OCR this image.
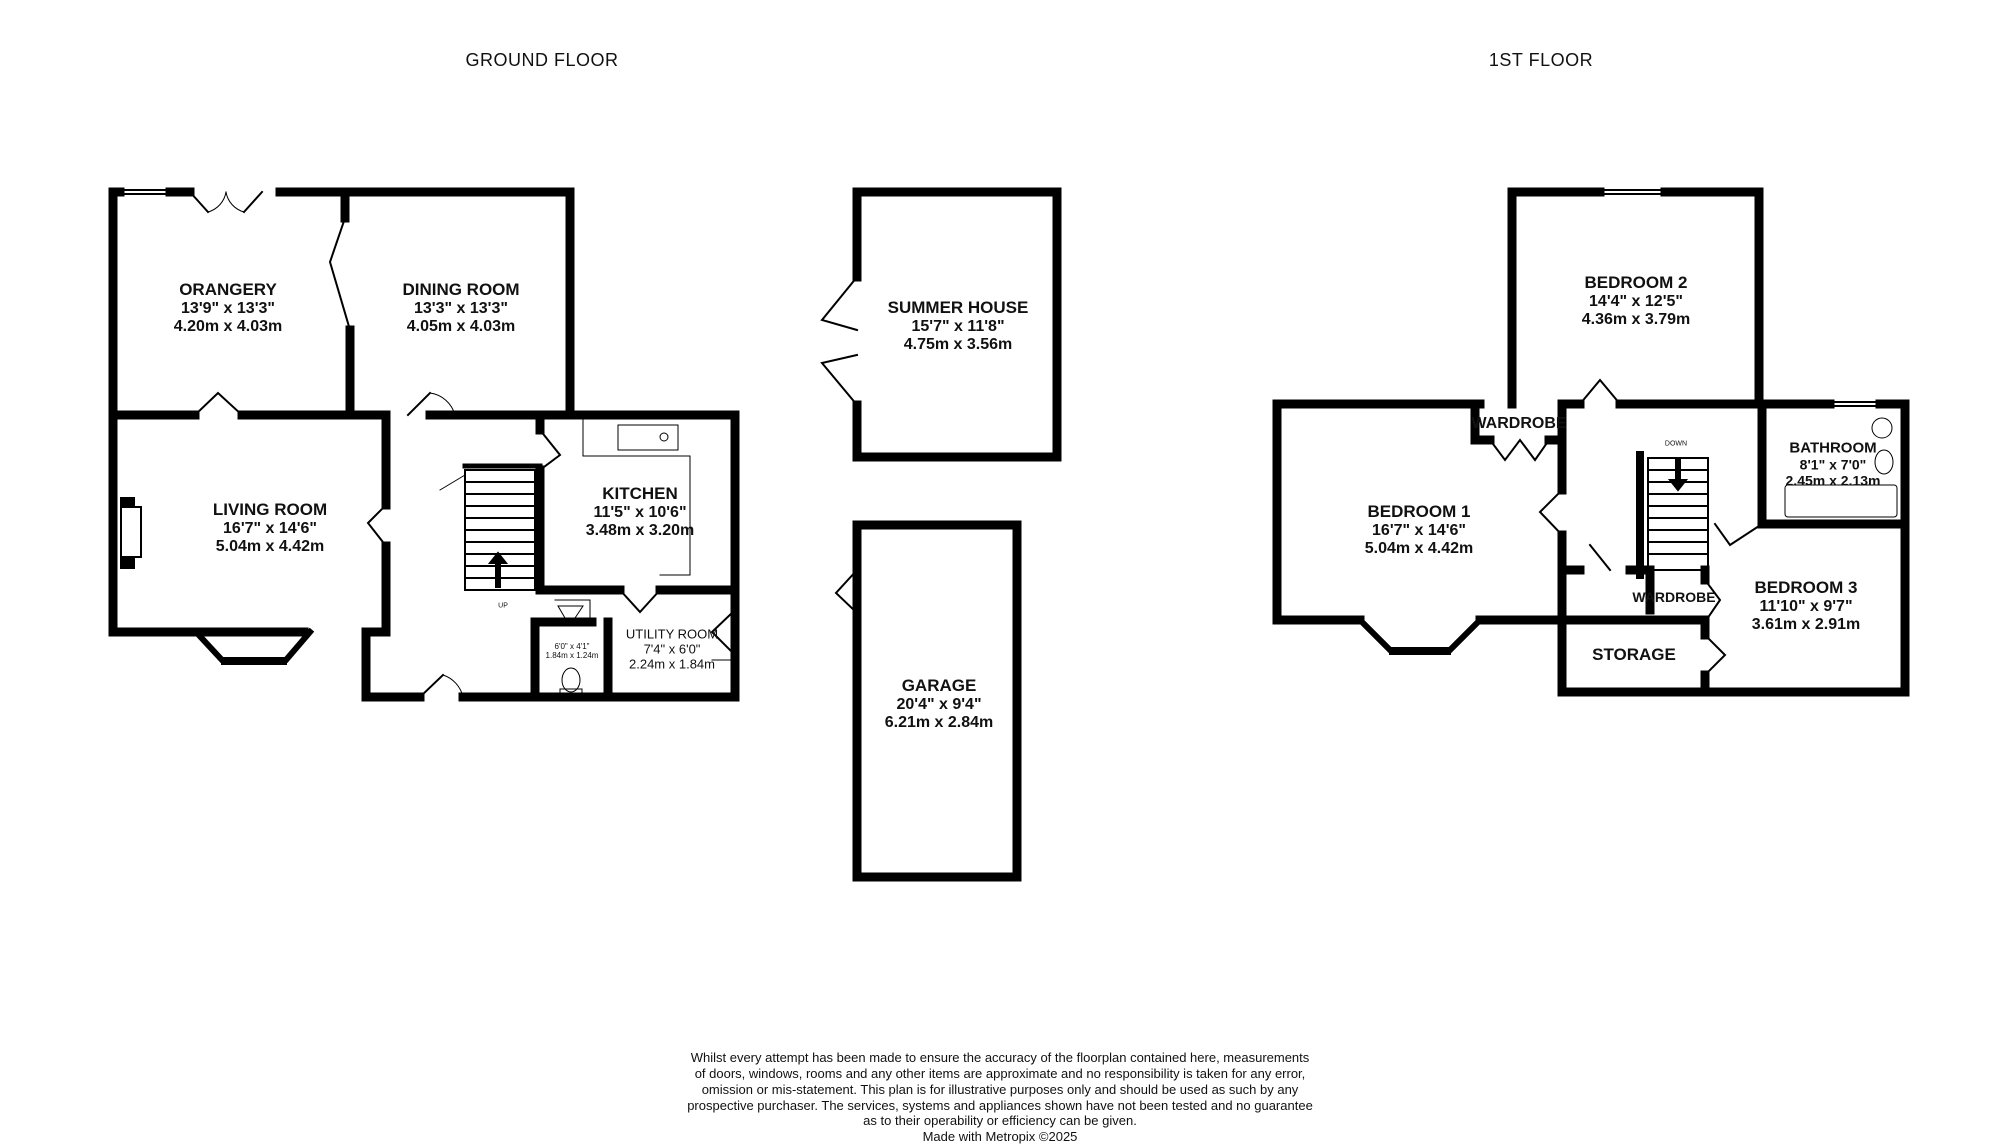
GROUND FLOOR	1ST FLOOR
ORANGERY
13'9" x 13'3"
4.20m x 4.03m
DINING ROOM
13'3" x 13'3"
4.05m x 4.03m
LIVING ROOM
16'7" x 14'6"
5.04m x 4.42m
KITCHEN
11'5" x 10'6"
3.48m x 3.20m
UTILITY ROOM
7'4" x 6'0"
2.24m x 1.84m
6'0" x 4'1"
1.84m x 1.24m
UP
SUMMER HOUSE
15'7" x 11'8"
4.75m x 3.56m
GARAGE
20'4" x 9'4"
6.21m x 2.84m
BEDROOM 2
14'4" x 12'5"
4.36m x 3.79m
BEDROOM 1
16'7" x 14'6"
5.04m x 4.42m
BATHROOM
8'1" x 7'0"
2.45m x 2.13m
BEDROOM 3
11'10" x 9'7"
3.61m x 2.91m
WARDROBE
WARDROBE
STORAGE
DOWN
Whilst every attempt has been made to ensure the accuracy of the floorplan contained here, measurements
of doors, windows, rooms and any other items are approximate and no responsibility is taken for any error,
omission or mis-statement. This plan is for illustrative purposes only and should be used as such by any
prospective purchaser. The services, systems and appliances shown have not been tested and no guarantee
as to their operability or efficiency can be given.
Made with Metropix ©2025
